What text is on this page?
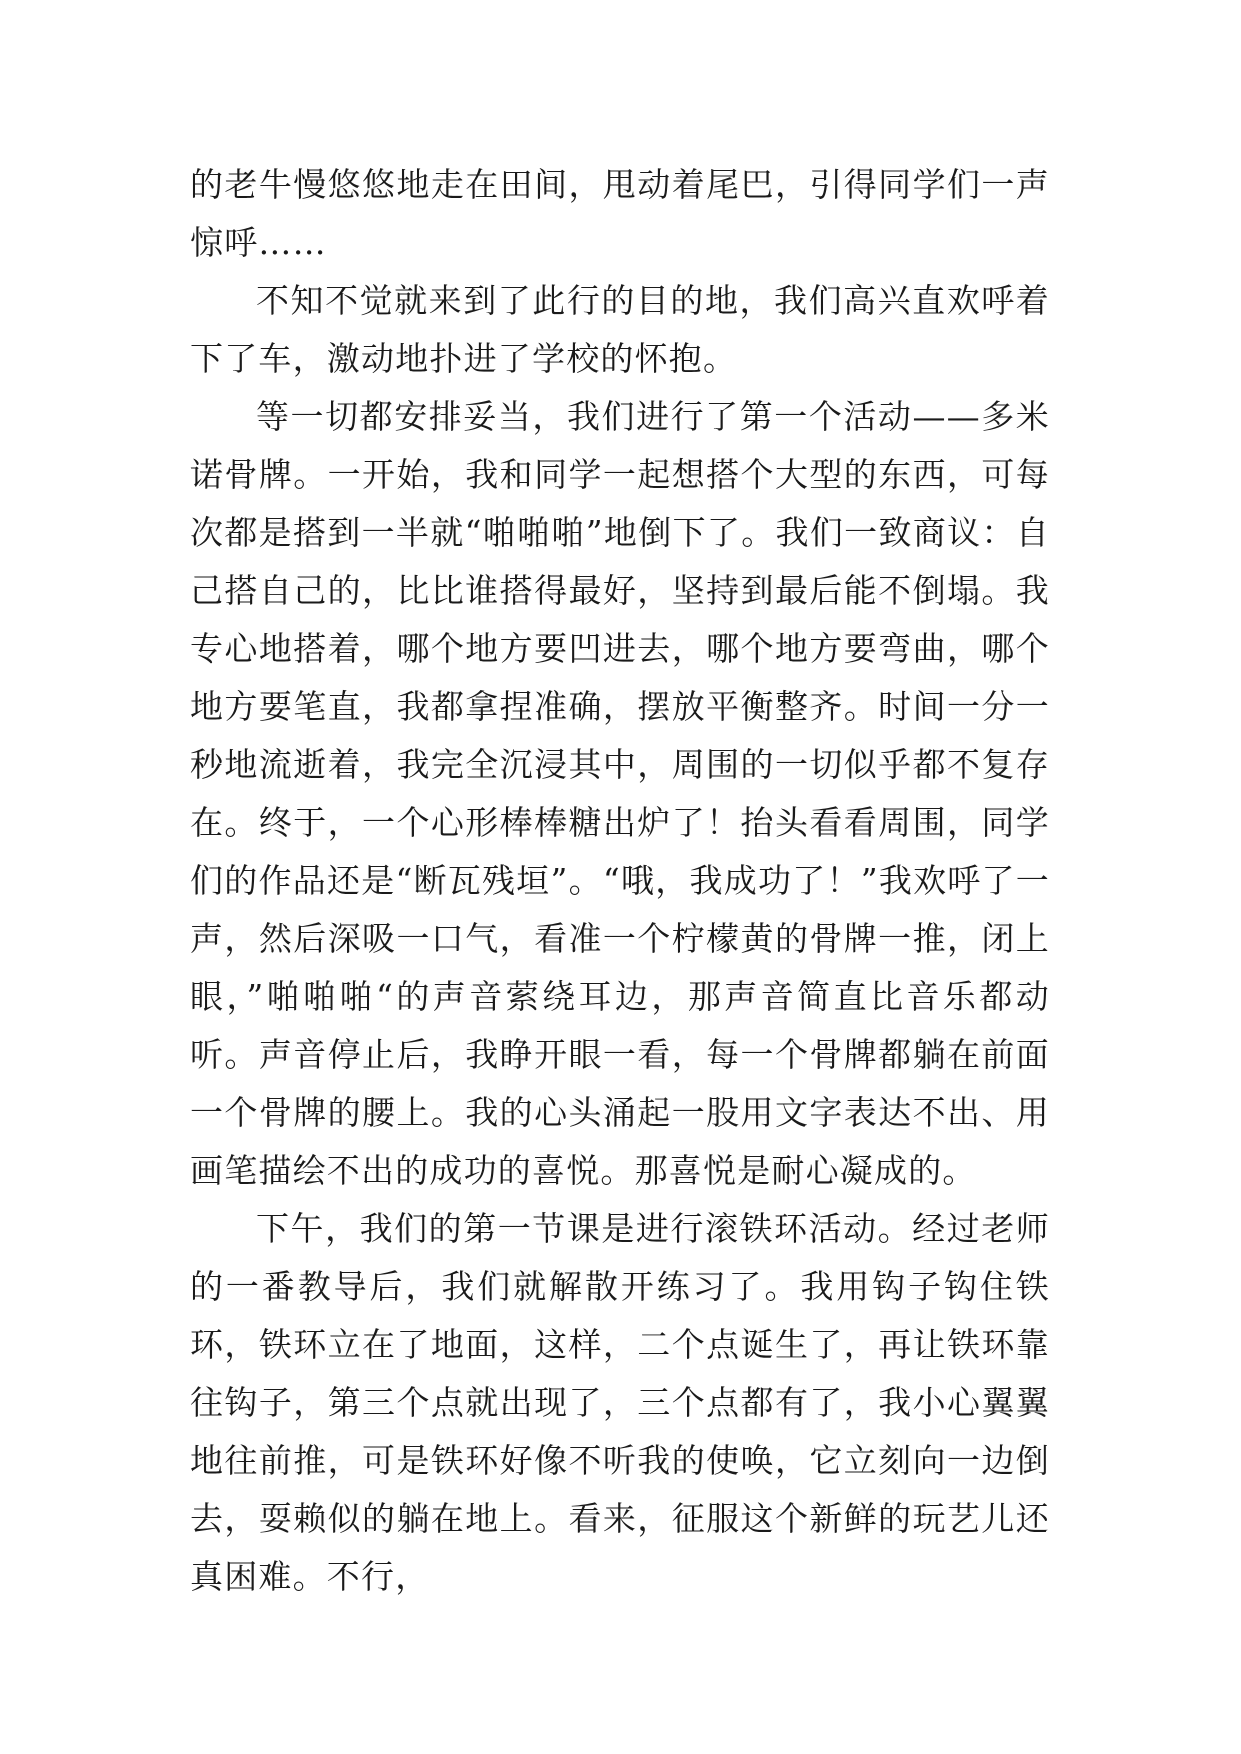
的老牛慢悠悠地走在田间，甩动着尾巴，引得同学们一声惊呼……

不知不觉就来到了此行的目的地，我们高兴直欢呼着下了车，激动地扑进了学校的怀抱。

等一切都安排妥当，我们进行了第一个活动——多米诺骨牌。一开始，我和同学一起想搭个大型的东西，可每次都是搭到一半就“啪啪啪”地倒下了。我们一致商议：自己搭自己的，比比谁搭得最好，坚持到最后能不倒塌。我专心地搭着，哪个地方要凹进去，哪个地方要弯曲，哪个地方要笔直，我都拿捏准确，摆放平衡整齐。时间一分一秒地流逝着，我完全沉浸其中，周围的一切似乎都不复存在。终于，一个心形棒棒糖出炉了！抬头看看周围，同学们的作品还是“断瓦残垣”。“哦，我成功了！”我欢呼了一声，然后深吸一口气，看准一个柠檬黄的骨牌一推，闭上眼，”啪啪啪“的声音萦绕耳边，那声音简直比音乐都动听。声音停止后，我睁开眼一看，每一个骨牌都躺在前面一个骨牌的腰上。我的心头涌起一股用文字表达不出、用画笔描绘不出的成功的喜悦。那喜悦是耐心凝成的。

下午，我们的第一节课是进行滚铁环活动。经过老师的一番教导后，我们就解散开练习了。我用钩子钩住铁环，铁环立在了地面，这样，二个点诞生了，再让铁环靠往钩子，第三个点就出现了，三个点都有了，我小心翼翼地往前推，可是铁环好像不听我的使唤，它立刻向一边倒去，耍赖似的躺在地上。看来，征服这个新鲜的玩艺儿还真困难。不行，
